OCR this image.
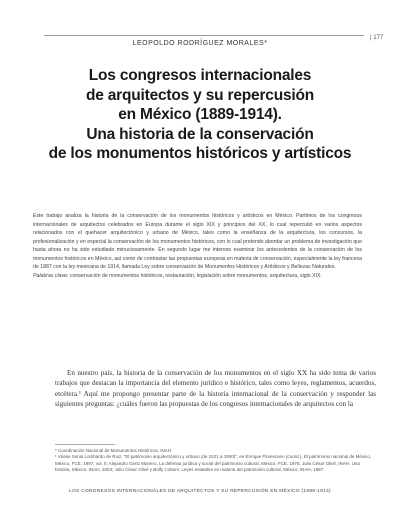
| 177
LEOPOLDO RODRÍGUEZ MORALES*
Los congresos internacionales
de arquitectos y su repercusión
en México (1889-1914).
Una historia de la conservación
de los monumentos históricos y artísticos
Este trabajo analiza la historia de la conservación de los monumentos históricos y artísticos en México. Partimos de los congresos internacionales de arquitectos celebrados en Europa durante el siglo XIX y principios del XX, lo cual repercutió en varios aspectos relacionados con el quehacer arquitectónico y urbano de México, tales como la enseñanza de la arquitectura, los concursos, la profesionalización y en especial la conservación de los monumentos históricos, con lo cual pretendo abordar un problema de investigación que hasta ahora no ha sido estudiado minuciosamente. En segundo lugar me intereso examinar los antecedentes de la conservación de los monumentos históricos en México, así como de contrastar las propuestas europeas en materia de conservación, especialmente la ley francesa de 1887 con la ley mexicana de 1914, llamada Ley sobre conservación de Monumentos Históricos y Artísticos y Bellezas Naturales.
Palabras clave: conservación de monumentos históricos, restauración, legislación sobre monumentos, arquitectura, siglo XIX.
En nuestro país, la historia de la conservación de los monumentos en el siglo XX ha sido tema de varios trabajos que destacan la importancia del elemento jurídico e histórico, tales como leyes, reglamentos, acuerdos, etcétera.¹ Aquí me propongo presentar parte de la historia internacional de la conservación y responder las siguientes preguntas: ¿cuáles fueron las propuestas de los congresos internacionales de arquitectos con la

* Coordinación Nacional de Monumentos Históricos, INAH.

¹ Véase Sonia Lombardo de Ruiz, "El patrimonio arquitectónico y urbano (de 1521 a 1900)", en Enrique Florescano (coord.), El patrimonio nacional de México, México, FCE, 1997, vol. II; Alejandro Gertz Manero, La defensa jurídica y social del patrimonio cultural, México, FCE, 1976; Julio César Olivé, INAH. Una historia, México, INAH, 2003; Julio César Olivé y Bolfy Cottom, Leyes estatales en materia del patrimonio cultural, México, INAH, 1997.

LOS CONGRESOS INTERNACIONALES DE ARQUITECTOS Y SU REPERCUSIÓN EN MÉXICO (1889-1914)
